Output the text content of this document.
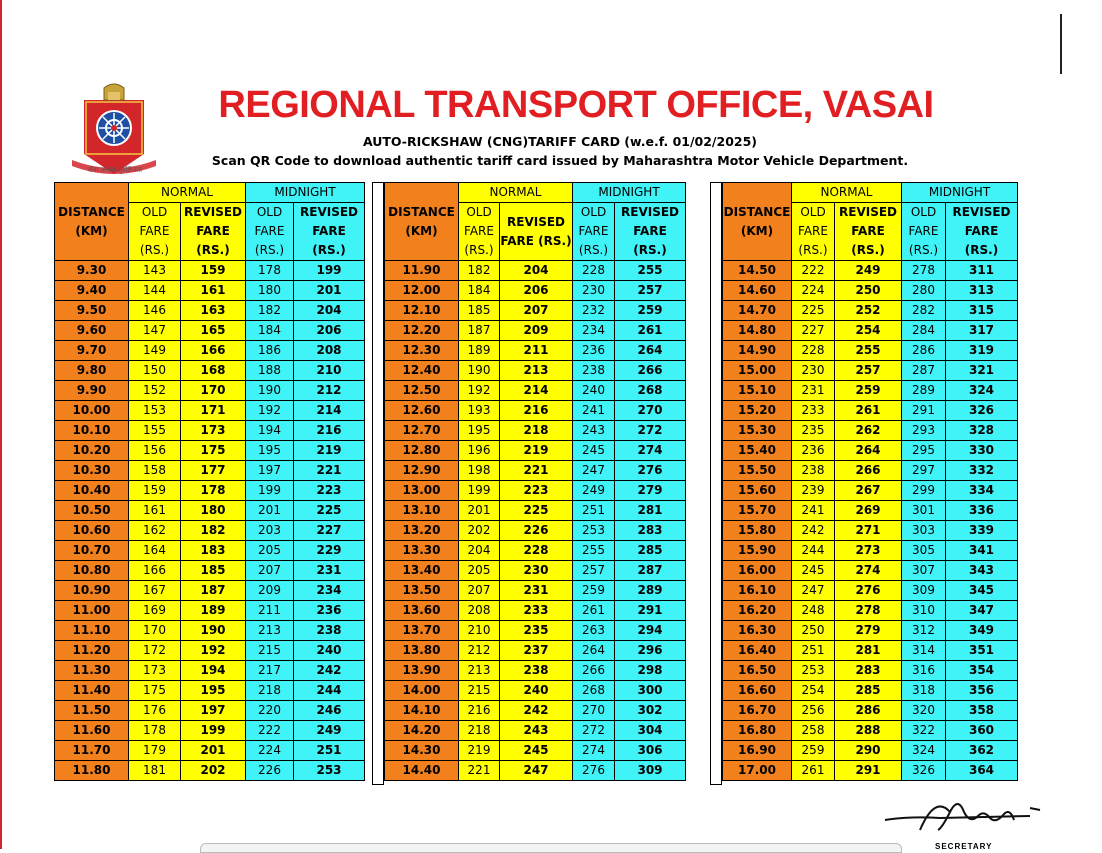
सेवा जनता सुरक्षितता
REGIONAL TRANSPORT OFFICE, VASAI
AUTO-RICKSHAW (CNG)TARIFF CARD (w.e.f. 01/02/2025)
Scan QR Code to download authentic tariff card issued by Maharashtra Motor Vehicle Department.
	NORMAL		MIDNIGHT	
DISTANCE
(KM)	OLD
FARE
(RS.)	REVISED
FARE
(RS.)	OLD
FARE
(RS.)	REVISED
FARE
(RS.)
9.30	143	159	178	199
9.40	144	161	180	201
9.50	146	163	182	204
9.60	147	165	184	206
9.70	149	166	186	208
9.80	150	168	188	210
9.90	152	170	190	212
10.00	153	171	192	214
10.10	155	173	194	216
10.20	156	175	195	219
10.30	158	177	197	221
10.40	159	178	199	223
10.50	161	180	201	225
10.60	162	182	203	227
10.70	164	183	205	229
10.80	166	185	207	231
10.90	167	187	209	234
11.00	169	189	211	236
11.10	170	190	213	238
11.20	172	192	215	240
11.30	173	194	217	242
11.40	175	195	218	244
11.50	176	197	220	246
11.60	178	199	222	249
11.70	179	201	224	251
11.80	181	202	226	253
	NORMAL		MIDNIGHT	
DISTANCE
(KM)	OLD
FARE
(RS.)	REVISED
FARE (RS.)	OLD
FARE
(RS.)	REVISED
FARE (RS.)
11.90	182	204	228	255
12.00	184	206	230	257
12.10	185	207	232	259
12.20	187	209	234	261
12.30	189	211	236	264
12.40	190	213	238	266
12.50	192	214	240	268
12.60	193	216	241	270
12.70	195	218	243	272
12.80	196	219	245	274
12.90	198	221	247	276
13.00	199	223	249	279
13.10	201	225	251	281
13.20	202	226	253	283
13.30	204	228	255	285
13.40	205	230	257	287
13.50	207	231	259	289
13.60	208	233	261	291
13.70	210	235	263	294
13.80	212	237	264	296
13.90	213	238	266	298
14.00	215	240	268	300
14.10	216	242	270	302
14.20	218	243	272	304
14.30	219	245	274	306
14.40	221	247	276	309
	NORMAL		MIDNIGHT	
DISTANCE
(KM)	OLD
FARE
(RS.)	REVISED
FARE (RS.)	OLD
FARE
(RS.)	REVISED
FARE (RS.)
14.50	222	249	278	311
14.60	224	250	280	313
14.70	225	252	282	315
14.80	227	254	284	317
14.90	228	255	286	319
15.00	230	257	287	321
15.10	231	259	289	324
15.20	233	261	291	326
15.30	235	262	293	328
15.40	236	264	295	330
15.50	238	266	297	332
15.60	239	267	299	334
15.70	241	269	301	336
15.80	242	271	303	339
15.90	244	273	305	341
16.00	245	274	307	343
16.10	247	276	309	345
16.20	248	278	310	347
16.30	250	279	312	349
16.40	251	281	314	351
16.50	253	283	316	354
16.60	254	285	318	356
16.70	256	286	320	358
16.80	258	288	322	360
16.90	259	290	324	362
17.00	261	291	326	364
SECRETARY
